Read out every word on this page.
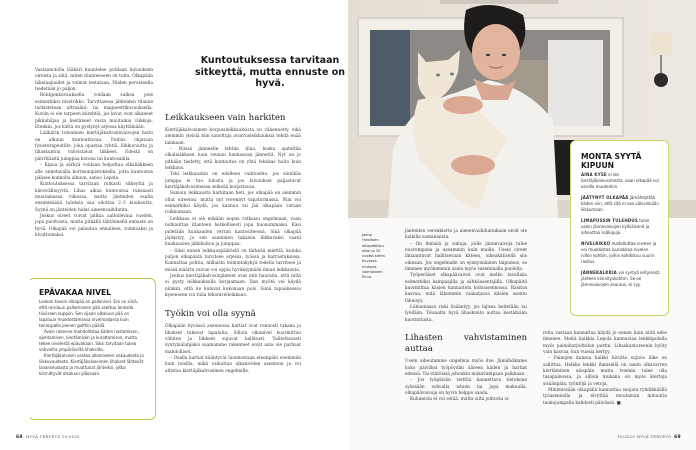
Vastaanotolla lääkäri kuuntelee potilaan kuvauksen oireista ja siitä, miten tilanteeseen on tultu. Olkapään liikelaajuudet ja voimat testataan. Niiden perusteella tiedetään jo paljon.

Röntgenkuvauksella voidaan sulkea pois esimerkiksi nivelrikko. Tarvittaessa jänteiden tilanne tarkistetaan ultraääni- tai magneettikuvauksella. Kuviin ei ole tarpeen kiirehtiä, jos kivut ovat alkaneet pikkuhiljaa ja kestäneet vasta muutamia viikkoja. Etenkin, jos kättä on pystynyt arjessa käyttämään.

Lääkärin toteamien kiertäjäkalvosinvaivojen hoito on alkuun kuntouttavaa. Potilas ohjataan fysioterapeutille, joka opastaa ryhtiä, liikkuvuutta ja lihaskuntoa vahvistavat liikkeet. Edestä on päivittäistä jumppaa kotona tai kuntosalilla.

– Kipua ja särkyä voidaan helpottaa olkaliäkkeen alle annetavalla kortisonipistoksella, jotta kuntoutus pääsee kunnolla alkuun, sanoo Lepola.

Kuntoutuksessa tarvitaan rutkasti sitkeyttä ja kärsivällisyyttä. Lihas alkaa kuntoutua runsaasti muutamassa viikossa, mutta jänteiden osalta ensimmäisiä tuloksia saa odottaa 2–3 kuukautta. Syynä on jänteiden hidas aineenvaihdunta.

Joskus oireet voivat jatkua aaltoilevina vuoden, jopa puoltoista, mutta pitkällä tähtäimellä ennuste on hyvä. Olkapää voi palautua ennalleen, toimivaksi ja kivuttomaksi.

Kuntoutuksessa tarvitaan sitkeyttä, mutta ennuste on hyvä.
Leikkaukseen vain harkiten

Kiertäjäkalvosimen korjausleikkauksista on vähennetty, eikä aiemmin yleisiä niin sanottuja avarrusleikkauksia tehdä enää lainkaan.

– Niissä jänneelle tehtiin tilaa, koska ajateltiin olkalisäkkeen luun reunan hankaavan jännettä. Nyt on jo pitkään tiedetty, että kuntoutus on yhtä tehokas hoito kuin leikkaus.

Toki leikkauskin on edelleen vaihtoehto, jos sinnikäs jumppa ei tuo tulosta ja jos kuvaukset paljastavat kiertäjäkalvosimessa selkeää korjattavaa.

Samoin leikkausta harkitaan heti, jos olkapää on aiemmin ollut oireeton, mutta nyt revennyt tapaturmassa. Niin voi esimerkiksi käydä, jos kaanuu tai jää olkapään varaan roikkumaan.

Leikkaus ei ole mikään nopea ratkaisu ongelmaan, vaan notkauttaa itlanteen hetkellisesti jopa huonommaksi. Käsi pidetään kuukauden verran kantositeessä. Sinä olkapää jäykistyy, ja sen saaminen takaisin liikkuvaksi vaatii kuukausien jälkihoitoa ja jumppaa.

– Siksi ennen leikkauspäätöstä on tärkeää miettiä, kuinka paljon olkapäätä tarvitsee arjessa, työssä ja harrastuksissa. Kannattaa pohtia, millaista toimintakykyä todella tarvitsee ja missä määrin vaivan voi oppia hyväksymään ilman leikkausta.

Joskus kiertäjäkalvosinjänteet ovat niin hauraita, että niitä ei pysty leikkauksella korjaamaan. Ilan myötä voi käydä niinkin, että ne kuluvat kokonaan pois. Siinä tapauksessa kyseeseen voi tulla tekonivelleikkaus.

Työkin voi olla syynä

Olkapään hyvässä asennossa hartiat ovat rennosti takana ja lihakset tukevat lapaluita. Silloin olkanivel kuormittuu vähiten ja liikkeet sujuvat hallitusti. Valitettavasti syntymälahjaksi saamamme rakenteet eivät aina ole parhaat mahdolliset.

– Osalla hartiat kääntyvät luonnostaan eteenpäin enemmän kuin toisilla, mikä vaikuttaa olkanivelen asentoon ja voi altistaa kiertäjäkalvosimen ongelmille.

EPÄVAKAA NIVEL

Lonkan tavoin olkapää on pallonivel. Ero on siinä, että reisiluun pallomainen pää asettuu lonkalla tiiviiseen kuppiin. Sen sijaan olkaluun pää on lapaluun muodostamassa nivelmaljassa kuin tennispallo pienen golftiin päällä.

Avoin rakenne mahdollistaa käden nostamisen, ojentamisen, kiertämisen ja kurottamisen, mutta tekee nivelestä epävakaan. Siksi tarvitaan tukea vahvoilta ympäröiviltä lihaksilta.

Kiertäjäkalvosin vastaa olkanivelen vakaudesta ja liikkuvuudesta. Kiertäjäkalvosimen lihakset lähtevät lavanseudusta ja muuttuvat jänteiksi, jotka kiinnittyvät olkaluun yläosaan.

68 HYVÄ TERVEYS 10/2025
Jaana Heinäsen olkapääkipu alkoi jo 20 vuotta sitten. Kuvassa mukana siamilainen Elmo.

jänteiden verenkierto ja aineenvaihduntakaan eivät ole kaikilla samanlaista.

– On ihmisiä ja sukuja, joille jännevaivoja tulee nuorempana ja useammin kuin muille. Usein oireet ilmaantuvat hallitsevaan käteen, oikeakätisellä siis oikeaan. Jos ongelmalle on synnynnäinen taipumus, se ilmenee myöhemmin usein myös vasemmalla puolella.

Työperäiset olkapäävaivat ovat melko tavallisia esimerkiksi kampaajilla ja sähköasentajilla. Olkapäitä kuormittaa käsien kannattelu kohoasennossa. Rasitus kasvaa, mitä lähemmin vaakatasoa käsien asento läheisyy.

Liikunnassa riski lisääntyy, jos lajissa heitetään tai lyödään. Toisaalta hyvä lihaskunto auttaa kestämään kuormitusta.

Lihasten vahvistaminen auttaa

Usein aiheutamme ongelmia myös itse. Jämähdämme koko päiväksi työpöydän ääreen käden ja hartiat edessä. Tai etätöissä johonkin mukavampaan paikkaan.

– Jos työpäivän viettää kannettava tietokone sylissään sohvalla istuen tai jopa makuulla, olkapäävaivoja on hyvin helppo saada.

Kulumista ei voi estää, mutta siitä johtuvia oi-

reita vastaan kannattaa käydä jo ennen kuin niitä edes ilmenee. Meitä kaikkia Lepola kannustaa lenkkipolulla myös painoharjoittelun partin. Lihaskuntoreenin hyöty vain kasvaa, kun vuosia kertyy.

– Painojen kanssa kaikki kivuttа sujuva liike on sallittua. Heikko lenkki ihmisellä on usein olkavarren kiertäminen ulospäin mutta treenin tulee olla tasapainossa, ja silloin mukana on myös kiertoja sisäänpäin, työntöjä ja vetoja.

Minimissään olkapäitä kannattaa suojata ryhdikkäällä työasennolla ja elvyttää muutaman minuutin taukojumpalla kahdesti päivässä. ■

MONTA SYYTÄ KIPUUN

AINA KYSE ei ole kiertäjäkalvosimesta, vaan olkapää voi oireilla muutenkin.

JÄÄTYNYT OLKAPÄÄ jämähdyttää käden niin, että sitä ei saa väkisinkään liikkumaan.

LIMAPUSSIN TULEHDUS tulee usein jännevaivojen kylkiäisenä ja aiheuttaa lisäkipuja.

NIVELRIKKO madalluttaa nivelen ja voi muodostaa luunokkaa nivelen niihin kohtiin, joihin kohdistuu suurin rasitus.

JÄNNEKALKKIA voi syntyä erityisesti jänteen kiinnityskohtiin. Se on jännevaivojen seuraus, ei syy.

10/2025 HYVÄ TERVEYS 69
